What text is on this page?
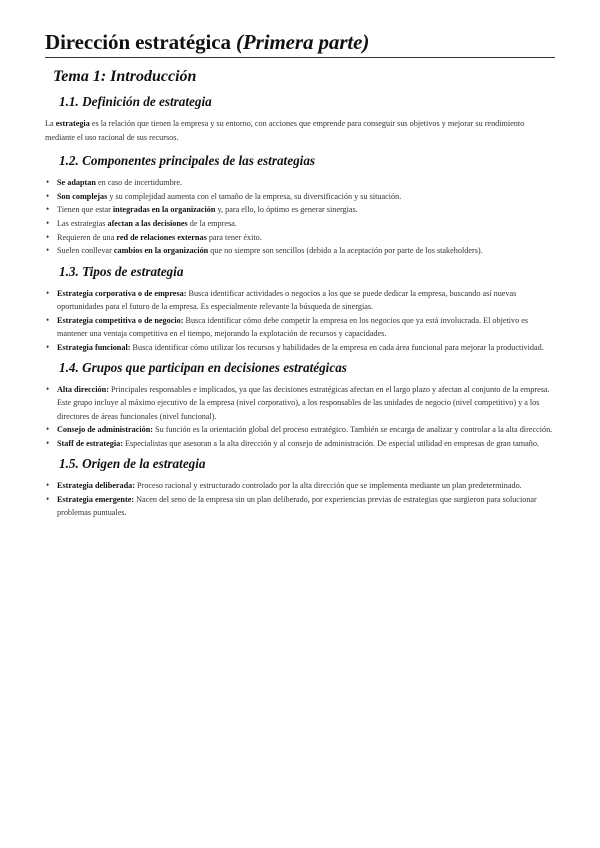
Dirección estratégica (Primera parte)
Tema 1: Introducción
1.1. Definición de estrategia

La estrategia es la relación que tienen la empresa y su entorno, con acciones que emprende para conseguir sus objetivos y mejorar su rendimiento mediante el uso racional de sus recursos.

1.2. Componentes principales de las estrategias
• Se adaptan en caso de incertidumbre.
• Son complejas y su complejidad aumenta con el tamaño de la empresa, su diversificación y su situación.
• Tienen que estar integradas en la organización y, para ello, lo óptimo es generar sinergias.
• Las estrategias afectan a las decisiones de la empresa.
• Requieren de una red de relaciones externas para tener éxito.
• Suelen conllevar cambios en la organización que no siempre son sencillos (debido a la aceptación por parte de los stakeholders).
1.3. Tipos de estrategia
• Estrategia corporativa o de empresa: Busca identificar actividades o negocios a los que se puede dedicar la empresa, buscando así nuevas oportunidades para el futuro de la empresa. Es especialmente relevante la búsqueda de sinergias.
• Estrategia competitiva o de negocio: Busca identificar cómo debe competir la empresa en los negocios que ya está involucrada. El objetivo es mantener una ventaja competitiva en el tiempo, mejorando la explotación de recursos y capacidades.
• Estrategia funcional: Busca identificar cómo utilizar los recursos y habilidades de la empresa en cada área funcional para mejorar la productividad.
1.4. Grupos que participan en decisiones estratégicas
• Alta dirección: Principales responsables e implicados, ya que las decisiones estratégicas afectan en el largo plazo y afectan al conjunto de la empresa. Este grupo incluye al máximo ejecutivo de la empresa (nivel corporativo), a los responsables de las unidades de negocio (nivel competitivo) y a los directores de áreas funcionales (nivel funcional).
• Consejo de administración: Su función es la orientación global del proceso estratégico. También se encarga de analizar y controlar a la alta dirección.
• Staff de estrategia: Especialistas que asesoran a la alta dirección y al consejo de administración. De especial utilidad en empresas de gran tamaño.
1.5. Origen de la estrategia
• Estrategia deliberada: Proceso racional y estructurado controlado por la alta dirección que se implementa mediante un plan predeterminado.
• Estrategia emergente: Nacen del seno de la empresa sin un plan deliberado, por experiencias previas de estrategias que surgieron para solucionar problemas puntuales.
